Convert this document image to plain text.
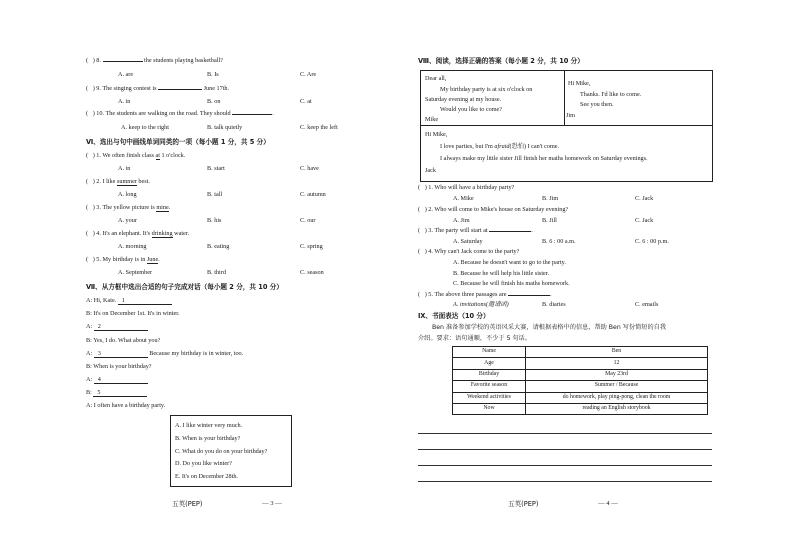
(   ) 8.	the students playing basketball?
A. are	B. Is	C. Are
(   ) 9. The singing contest is	June 17th.
A. in	B. on	C. at
(   ) 10. The students are walking on the road. They should	.
A. keep to the right	B. talk quietly	C. keep the left
Ⅵ、选出与句中画线单词同类的一项（每小题 1 分，共 5 分）
(   ) 1. We often finish class at 1 o'clock.
A. in	B. start	C. have
(   ) 2. I like summer best.
A. long	B. tall	C. autumn
(   ) 3. The yellow picture is mine.
A. your	B. his	C. our
(   ) 4. It's an elephant. It's drinking water.
A. morning	B. eating	C. spring
(   ) 5. My birthday is in June.
A. September	B. third	C. season
Ⅶ、从方框中选出合适的句子完成对话（每小题 2 分，共 10 分）
A: Hi, Kate. 1
B: It's on December 1st. It's in winter.
A: 2
B: Yes, I do. What about you?
A: 3	Because my birthday is in winter, too.
B: When is your birthday?
A: 4
B: 5
A: I often have a birthday party.
A. I like winter very much.
B. When is your birthday?
C. What do you do on your birthday?
D. Do you like winter?
E. It's on December 28th.
五英(PEP)	— 3 —
Ⅷ、阅读，选择正确的答案（每小题 2 分，共 10 分）
Dear all,
My birthday party is at six o'clock on
Saturday evening at my house.
Would you like to come?
Mike
Hi Mike,
Thanks. I'd like to come.
See you then.
Jim
Hi Mike,
I love parties, but I'm afraid(恐怕) I can't come.
I always make my little sister Jill finish her maths homework on Saturday evenings.
Jack
(   ) 1. Who will have a birthday party?
A. Mike	B. Jim	C. Jack
(   ) 2. Who will come to Mike's house on Saturday evening?
A. Jim	B. Jill	C. Jack
(   ) 3. The party will start at	.
A. Saturday	B. 6 : 00 a.m.	C. 6 : 00 p.m.
(   ) 4. Why can't Jack come to the party?
A. Because he doesn't want to go to the party.
B. Because he will help his little sister.
C. Because he will finish his maths homework.
(   ) 5. The above three passages are	.
A. invitations(邀请函)	B. diaries	C. emails
Ⅸ、书面表达（10 分）
Ben 准备参加学校的英语风采大赛，请根据表格中的信息，帮助 Ben 写份简短的自我
介绍。要求：语句通顺，不少于 5 句话。
Name	Ben
Age	12
Birthday	May 23rd
Favorite season	Summer / Because
Weekend activities	do homework, play ping-pong, clean the room
Now	reading an English storybook
五英(PEP)	— 4 —
